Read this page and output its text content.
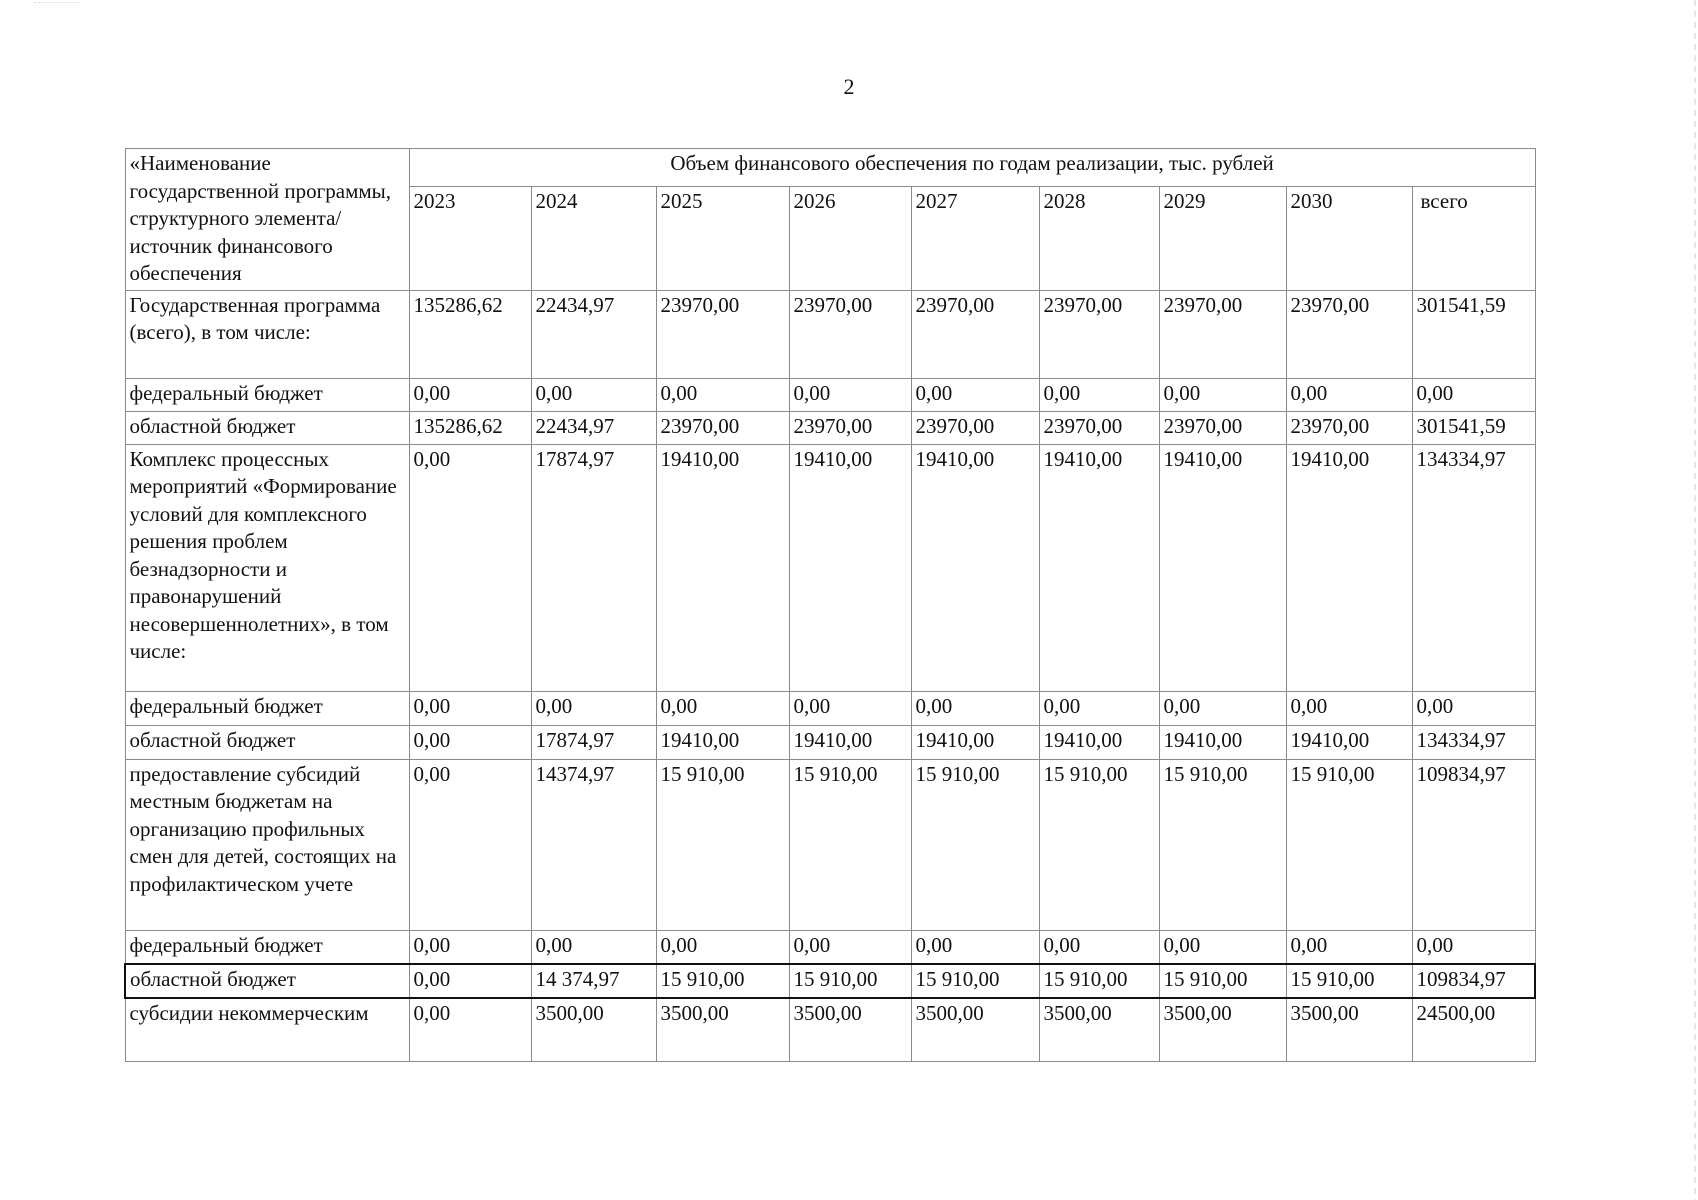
2
«Наименование государственной программы, структурного элемента/источник финансового обеспечения	Объем финансового обеспечения по годам реализации, тыс. рублей								
	2023	2024	2025	2026	2027	2028	2029	2030	всего
Государственная программа (всего), в том числе:	135286,62	22434,97	23970,00	23970,00	23970,00	23970,00	23970,00	23970,00	301541,59
федеральный бюджет	0,00	0,00	0,00	0,00	0,00	0,00	0,00	0,00	0,00
областной бюджет	135286,62	22434,97	23970,00	23970,00	23970,00	23970,00	23970,00	23970,00	301541,59
Комплекс процессных мероприятий «Формирование условий для комплексного решения проблем безнадзорности и правонарушений несовершеннолетних», в том числе:	0,00	17874,97	19410,00	19410,00	19410,00	19410,00	19410,00	19410,00	134334,97
федеральный бюджет	0,00	0,00	0,00	0,00	0,00	0,00	0,00	0,00	0,00
областной бюджет	0,00	17874,97	19410,00	19410,00	19410,00	19410,00	19410,00	19410,00	134334,97
предоставление субсидий местным бюджетам на организацию профильных смен для детей, состоящих на профилактическом учете	0,00	14374,97	15 910,00	15 910,00	15 910,00	15 910,00	15 910,00	15 910,00	109834,97
федеральный бюджет	0,00	0,00	0,00	0,00	0,00	0,00	0,00	0,00	0,00
областной бюджет	0,00	14 374,97	15 910,00	15 910,00	15 910,00	15 910,00	15 910,00	15 910,00	109834,97
субсидии некоммерческим	0,00	3500,00	3500,00	3500,00	3500,00	3500,00	3500,00	3500,00	24500,00
